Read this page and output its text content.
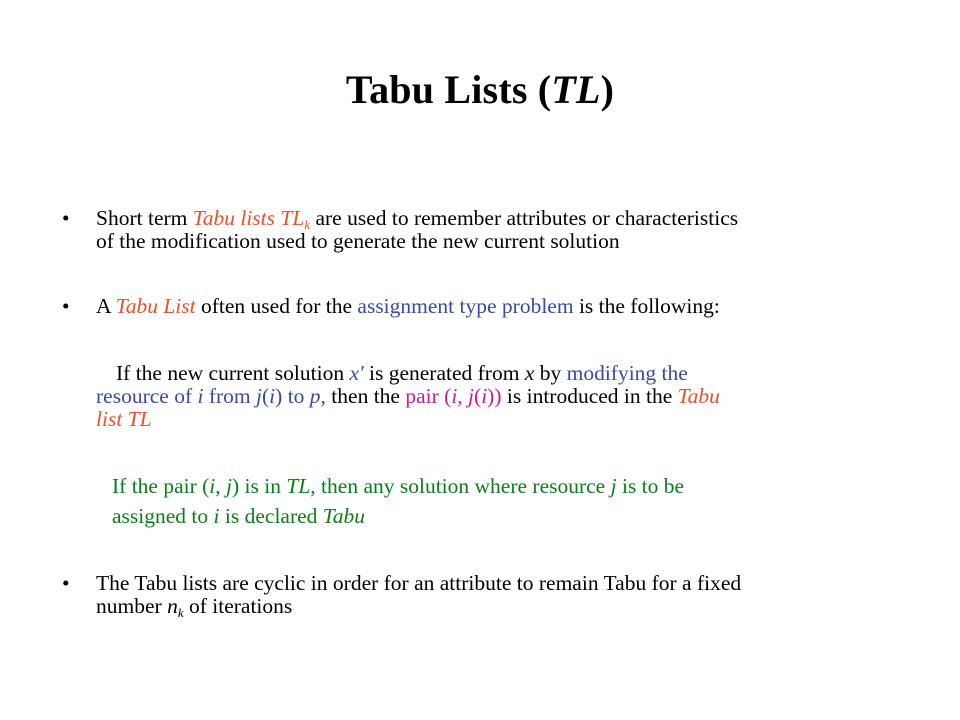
Tabu Lists (TL)
• Short term Tabu lists $TL_k$ are used to remember attributes or characteristics
of the modification used to generate the new current solution
• A Tabu List often used for the assignment type problem is the following:
If the new current solution x' is generated from x by modifying the
resource of i from j(i) to p, then the pair (i, j(i)) is introduced in the Tabu
list TL
If the pair (i, j) is in TL, then any solution where resource j is to be
assigned to i is declared Tabu
• The Tabu lists are cyclic in order for an attribute to remain Tabu for a fixed
number $n_k$ of iterations
